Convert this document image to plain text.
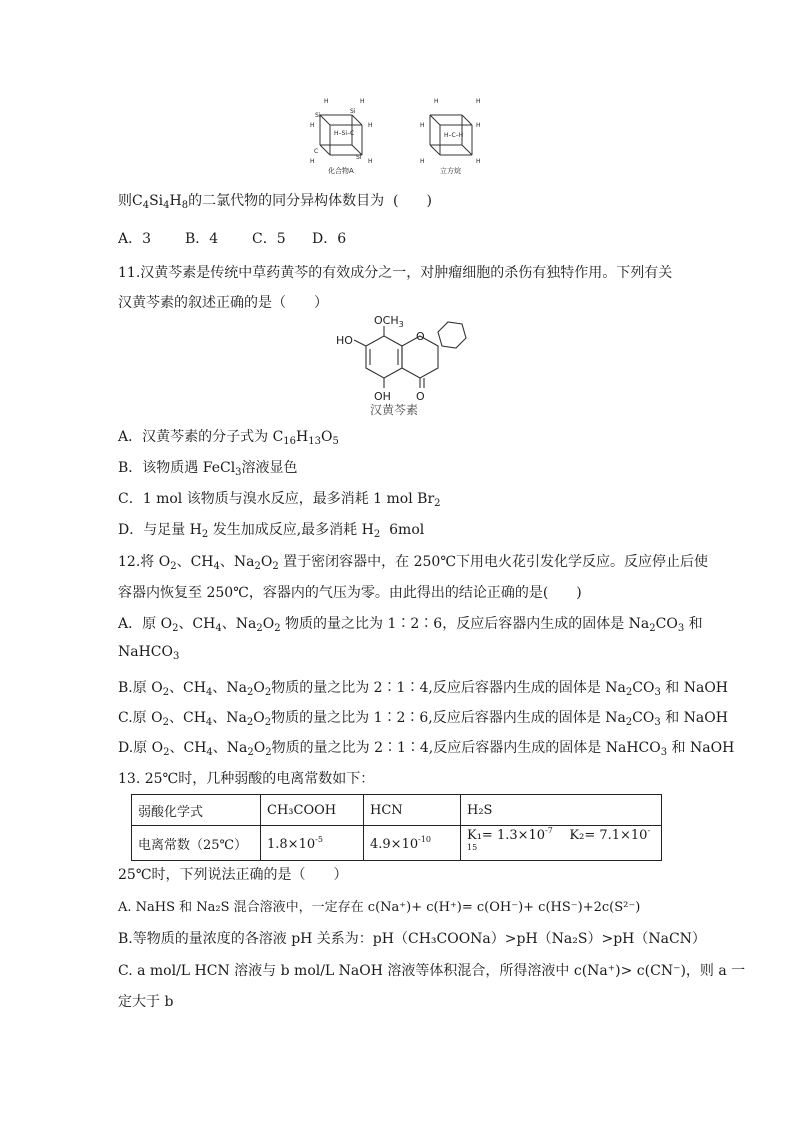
H	H
Si
Si
H	H
H–Si–C
C
Si
H	H
化合物A
H	H
H	H
H–C–H
H	H
立方烷
则$C_4Si_4H_8$的二氯代物的同分异构体数目为 (　　)
A．3 B．4 C．5 D．6
11.汉黄芩素是传统中草药黄芩的有效成分之一，对肿瘤细胞的杀伤有独特作用。下列有关
汉黄芩素的叙述正确的是（　　）
$OCH_3$
HO	O
OH O
汉黄芩素
A．汉黄芩素的分子式为 $C_{16}H_{13}O_5$
B．该物质遇 FeCl$_3$溶液显色
C．1 mol 该物质与溴水反应，最多消耗 1 mol $Br_2$
D．与足量 $H_2$ 发生加成反应,最多消耗 $H_2$ 6mol
12.将 $O_2$、$CH_4$、$Na_2O_2$ 置于密闭容器中，在 250℃下用电火花引发化学反应。反应停止后使
容器内恢复至 250℃，容器内的气压为零。由此得出的结论正确的是(　　)
A．原 $O_2$、$CH_4$、$Na_2O_2$ 物质的量之比为 1∶2∶6，反应后容器内生成的固体是 $Na_2CO_3$ 和
NaHCO$_3$
B.原 $O_2$、$CH_4$、$Na_2O_2$物质的量之比为 2∶1∶4,反应后容器内生成的固体是 $Na_2CO_3$ 和 NaOH
C.原 $O_2$、$CH_4$、$Na_2O_2$物质的量之比为 1∶2∶6,反应后容器内生成的固体是 $Na_2CO_3$ 和 NaOH
D.原 $O_2$、$CH_4$、$Na_2O_2$物质的量之比为 2∶1∶4,反应后容器内生成的固体是 NaHCO$_3$ 和 NaOH
13. 25℃时，几种弱酸的电离常数如下：
弱酸化学式	CH₃COOH	HCN	H₂S
电离常数（25℃）	$1.8\times 10^{-5}$	$4.9\times 10^{-10}$	$K_1= 1.3\times 10^{-7}$ $K_2= 7.1\times 10^{-15}$
25℃时，下列说法正确的是（　　）
A. NaHS 和 Na₂S 混合溶液中，一定存在 c(Na⁺)+ c(H⁺)= c(OH⁻)+ c(HS⁻)+2c(S²⁻)
B.等物质的量浓度的各溶液 pH 关系为：pH（CH₃COONa）>pH（Na₂S）>pH（NaCN）
C. a mol/L HCN 溶液与 b mol/L NaOH 溶液等体积混合，所得溶液中 c(Na⁺)> c(CN⁻)，则 a 一
定大于 b
